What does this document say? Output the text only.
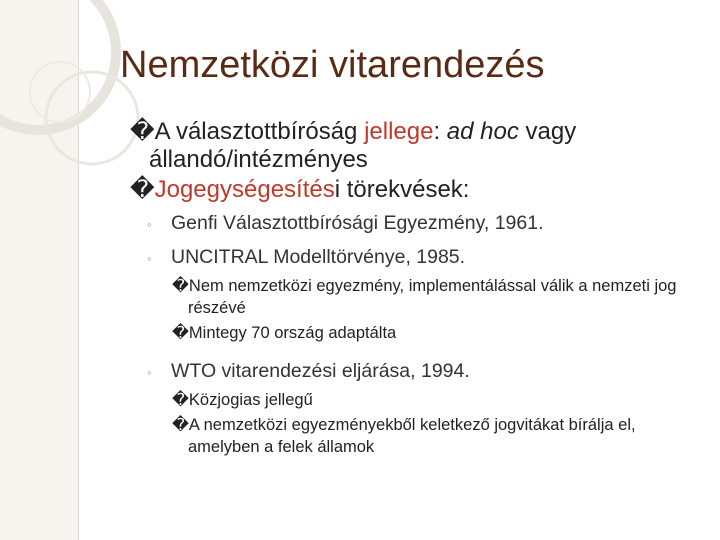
Nemzetközi vitarendezés
�A választottbíróság jellege: ad hoc vagy állandó/intézményes
�Jogegységesítési törekvések:
◦ Genfi Választottbírósági Egyezmény, 1961.
◦ UNCITRAL Modelltörvénye, 1985.
�Nem nemzetközi egyezmény, implementálással válik a nemzeti jog részévé
�Mintegy 70 ország adaptálta
◦ WTO vitarendezési eljárása, 1994.
�Közjogias jellegű
�A nemzetközi egyezményekből keletkező jogvitákat bírálja el, amelyben a felek államok
